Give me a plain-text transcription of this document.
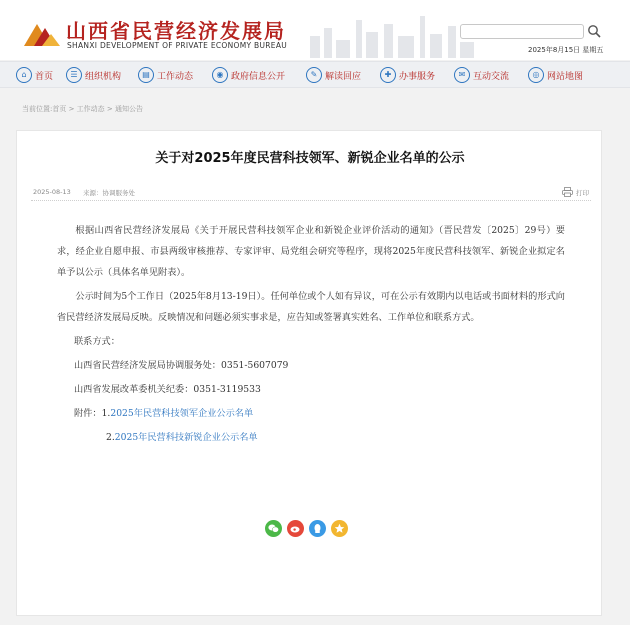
山西省民营经济发展局
SHANXI DEVELOPMENT OF PRIVATE ECONOMY BUREAU	2025年8月15日 星期五
⌂ 首页 ☰ 组织机构	▤ 工作动态	◉ 政府信息公开	✎ 解读回应	✚ 办事服务	✉ 互动交流	◎ 网站地图
当前位置:首页 > 工作动态 > 通知公告
关于对2025年度民营科技领军、新锐企业名单的公示
2025-08-13 来源：协调服务处	打印

根据山西省民营经济发展局《关于开展民营科技领军企业和新锐企业评价活动的通知》（晋民营发〔2025〕29号）要求，经企业自愿申报、市县两级审核推荐、专家评审、局党组会研究等程序，现将2025年度民营科技领军、新锐企业拟定名单予以公示（具体名单见附表）。

公示时间为5个工作日（2025年8月13-19日）。任何单位或个人如有异议，可在公示有效期内以电话或书面材料的形式向省民营经济发展局反映。反映情况和问题必须实事求是，应告知或签署真实姓名、工作单位和联系方式。

联系方式：

山西省民营经济发展局协调服务处：0351-5607079

山西省发展改革委机关纪委：0351-3119533

附件：1.2025年民营科技领军企业公示名单

2.2025年民营科技新锐企业公示名单
